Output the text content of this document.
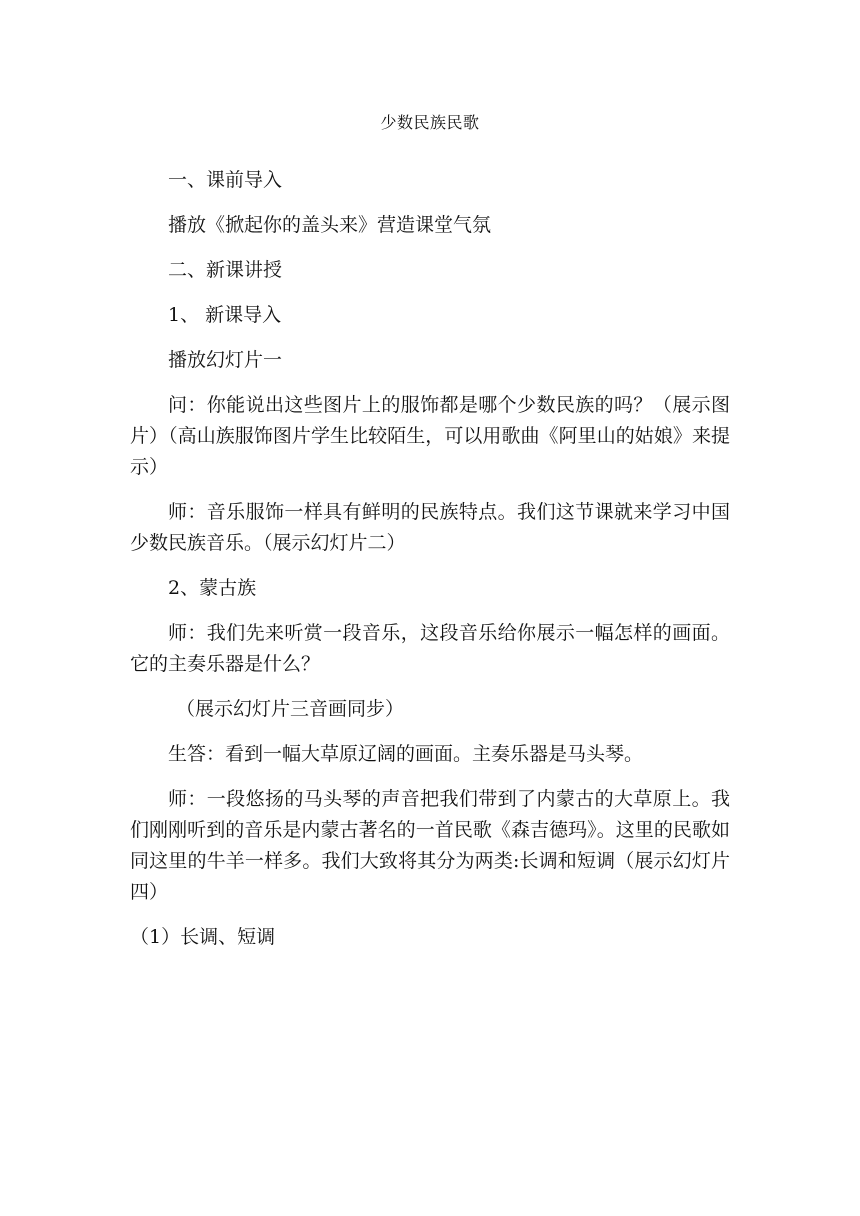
少数民族民歌

一、课前导入

播放《掀起你的盖头来》营造课堂气氛

二、新课讲授

1、 新课导入

播放幻灯片一

问：你能说出这些图片上的服饰都是哪个少数民族的吗？（展示图片）（高山族服饰图片学生比较陌生，可以用歌曲《阿里山的姑娘》来提示）

师：音乐服饰一样具有鲜明的民族特点。我们这节课就来学习中国少数民族音乐。（展示幻灯片二）

2、蒙古族

师：我们先来听赏一段音乐，这段音乐给你展示一幅怎样的画面。它的主奏乐器是什么？

（展示幻灯片三音画同步）

生答：看到一幅大草原辽阔的画面。主奏乐器是马头琴。

师：一段悠扬的马头琴的声音把我们带到了内蒙古的大草原上。我们刚刚听到的音乐是内蒙古著名的一首民歌《森吉德玛》。这里的民歌如同这里的牛羊一样多。我们大致将其分为两类:长调和短调（展示幻灯片四）

（1）长调、短调
